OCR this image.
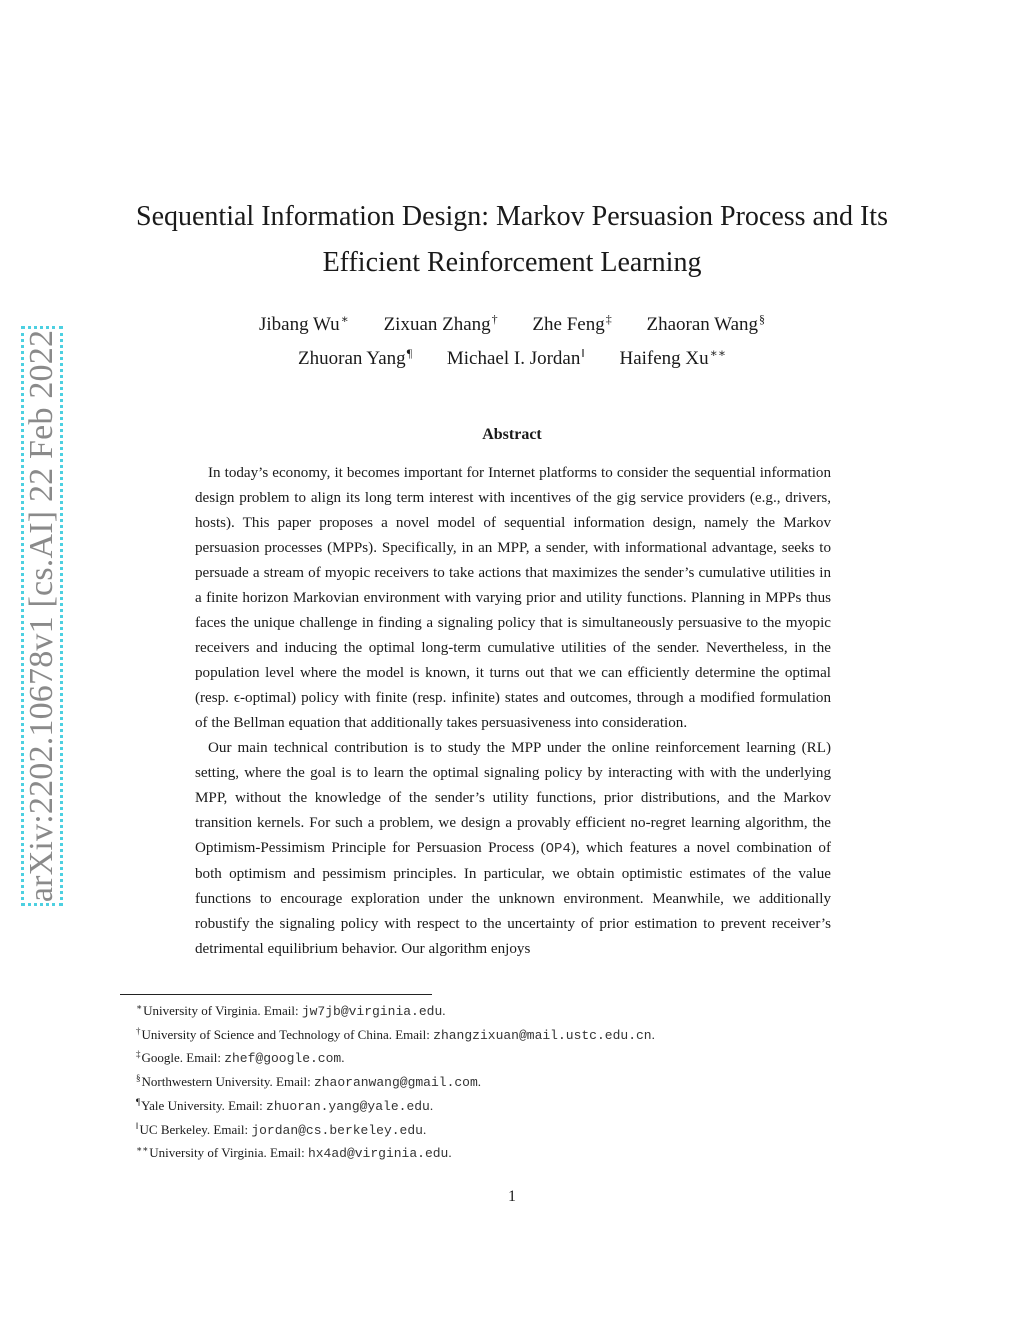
arXiv:2202.10678v1 [cs.AI] 22 Feb 2022
Sequential Information Design: Markov Persuasion Process and Its
Efficient Reinforcement Learning
Jibang Wu∗ Zixuan Zhang† Zhe Feng‡ Zhaoran Wang§
Zhuoran Yang¶ Michael I. Jordan‖ Haifeng Xu∗∗
Abstract

In today’s economy, it becomes important for Internet platforms to consider the sequential information design problem to align its long term interest with incentives of the gig service providers (e.g., drivers, hosts). This paper proposes a novel model of sequential information design, namely the Markov persuasion processes (MPPs). Specifically, in an MPP, a sender, with informational advantage, seeks to persuade a stream of myopic receivers to take actions that maximizes the sender’s cumulative utilities in a finite horizon Markovian environment with varying prior and utility functions. Planning in MPPs thus faces the unique challenge in finding a signaling policy that is simultaneously persuasive to the myopic receivers and inducing the optimal long-term cumulative utilities of the sender. Nevertheless, in the population level where the model is known, it turns out that we can efficiently determine the optimal (resp. ϵ-optimal) policy with finite (resp. infinite) states and outcomes, through a modified formulation of the Bellman equation that additionally takes persuasiveness into consideration.

Our main technical contribution is to study the MPP under the online reinforcement learning (RL) setting, where the goal is to learn the optimal signaling policy by interacting with with the underlying MPP, without the knowledge of the sender’s utility functions, prior distributions, and the Markov transition kernels. For such a problem, we design a provably efficient no-regret learning algorithm, the Optimism-Pessimism Principle for Persuasion Process (OP4), which features a novel combination of both optimism and pessimism principles. In particular, we obtain optimistic estimates of the value functions to encourage exploration under the unknown environment. Meanwhile, we additionally robustify the signaling policy with respect to the uncertainty of prior estimation to prevent receiver’s detrimental equilibrium behavior. Our algorithm enjoys

∗University of Virginia. Email: jw7jb@virginia.edu.
†University of Science and Technology of China. Email: zhangzixuan@mail.ustc.edu.cn.
‡Google. Email: zhef@google.com.
§Northwestern University. Email: zhaoranwang@gmail.com.
¶Yale University. Email: zhuoran.yang@yale.edu.
‖UC Berkeley. Email: jordan@cs.berkeley.edu.
∗∗University of Virginia. Email: hx4ad@virginia.edu.
1
